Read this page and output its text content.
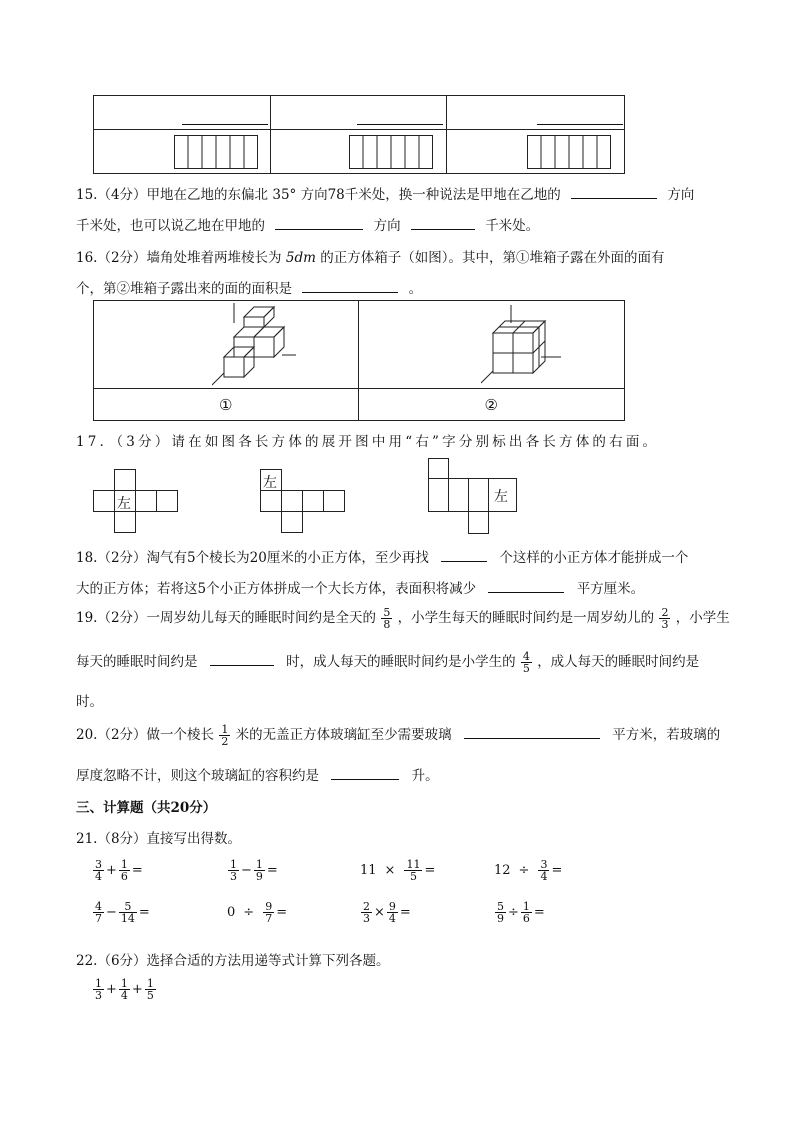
15.（4分）甲地在乙地的东偏北 35° 方向78千米处，换一种说法是甲地在乙地的	方向
千米处，也可以说乙地在甲地的	方向	千米处。
16.（2分）墙角处堆着两堆棱长为 5dm 的正方体箱子（如图）。其中，第①堆箱子露在外面的面有
个，第②堆箱子露出来的面的面积是	。

①	②
17．（3分）请在如图各长方体的展开图中用“右”字分别标出各长方体的右面。
左
左
左
18.（2分）淘气有5个棱长为20厘米的小正方体，至少再找	个这样的小正方体才能拼成一个
大的正方体；若将这5个小正方体拼成一个大长方体，表面积将减少	平方厘米。
19.（2分）一周岁幼儿每天的睡眠时间约是全天的 $\frac{5}{8}$ ，小学生每天的睡眠时间约是一周岁幼儿的 $\frac{2}{3}$ ，小学生
每天的睡眠时间约是	时，成人每天的睡眠时间约是小学生的 $\frac{4}{5}$ ，成人每天的睡眠时间约是
时。
20.（2分）做一个棱长 $\frac{1}{2}$ 米的无盖正方体玻璃缸至少需要玻璃	平方米，若玻璃的
厚度忽略不计，则这个玻璃缸的容积约是	升。
三、计算题（共20分）
21.（8分）直接写出得数。
22.（6分）选择合适的方法用递等式计算下列各题。
$\frac{1}{3} + \frac{1}{4} + \frac{1}{5}$
$\frac{3}{4} + \frac{1}{6}$ =	$\frac{1}{3} - \frac{1}{9}$ =	$11 \times \frac{11}{5}$ =	$12 \div \frac{3}{4}$ =
$\frac{4}{7} - \frac{5}{14}$ =	$0 \div \frac{9}{7}$ =	$\frac{2}{3} \times \frac{9}{4}$ =	$\frac{5}{9} \div \frac{1}{6}$ =
